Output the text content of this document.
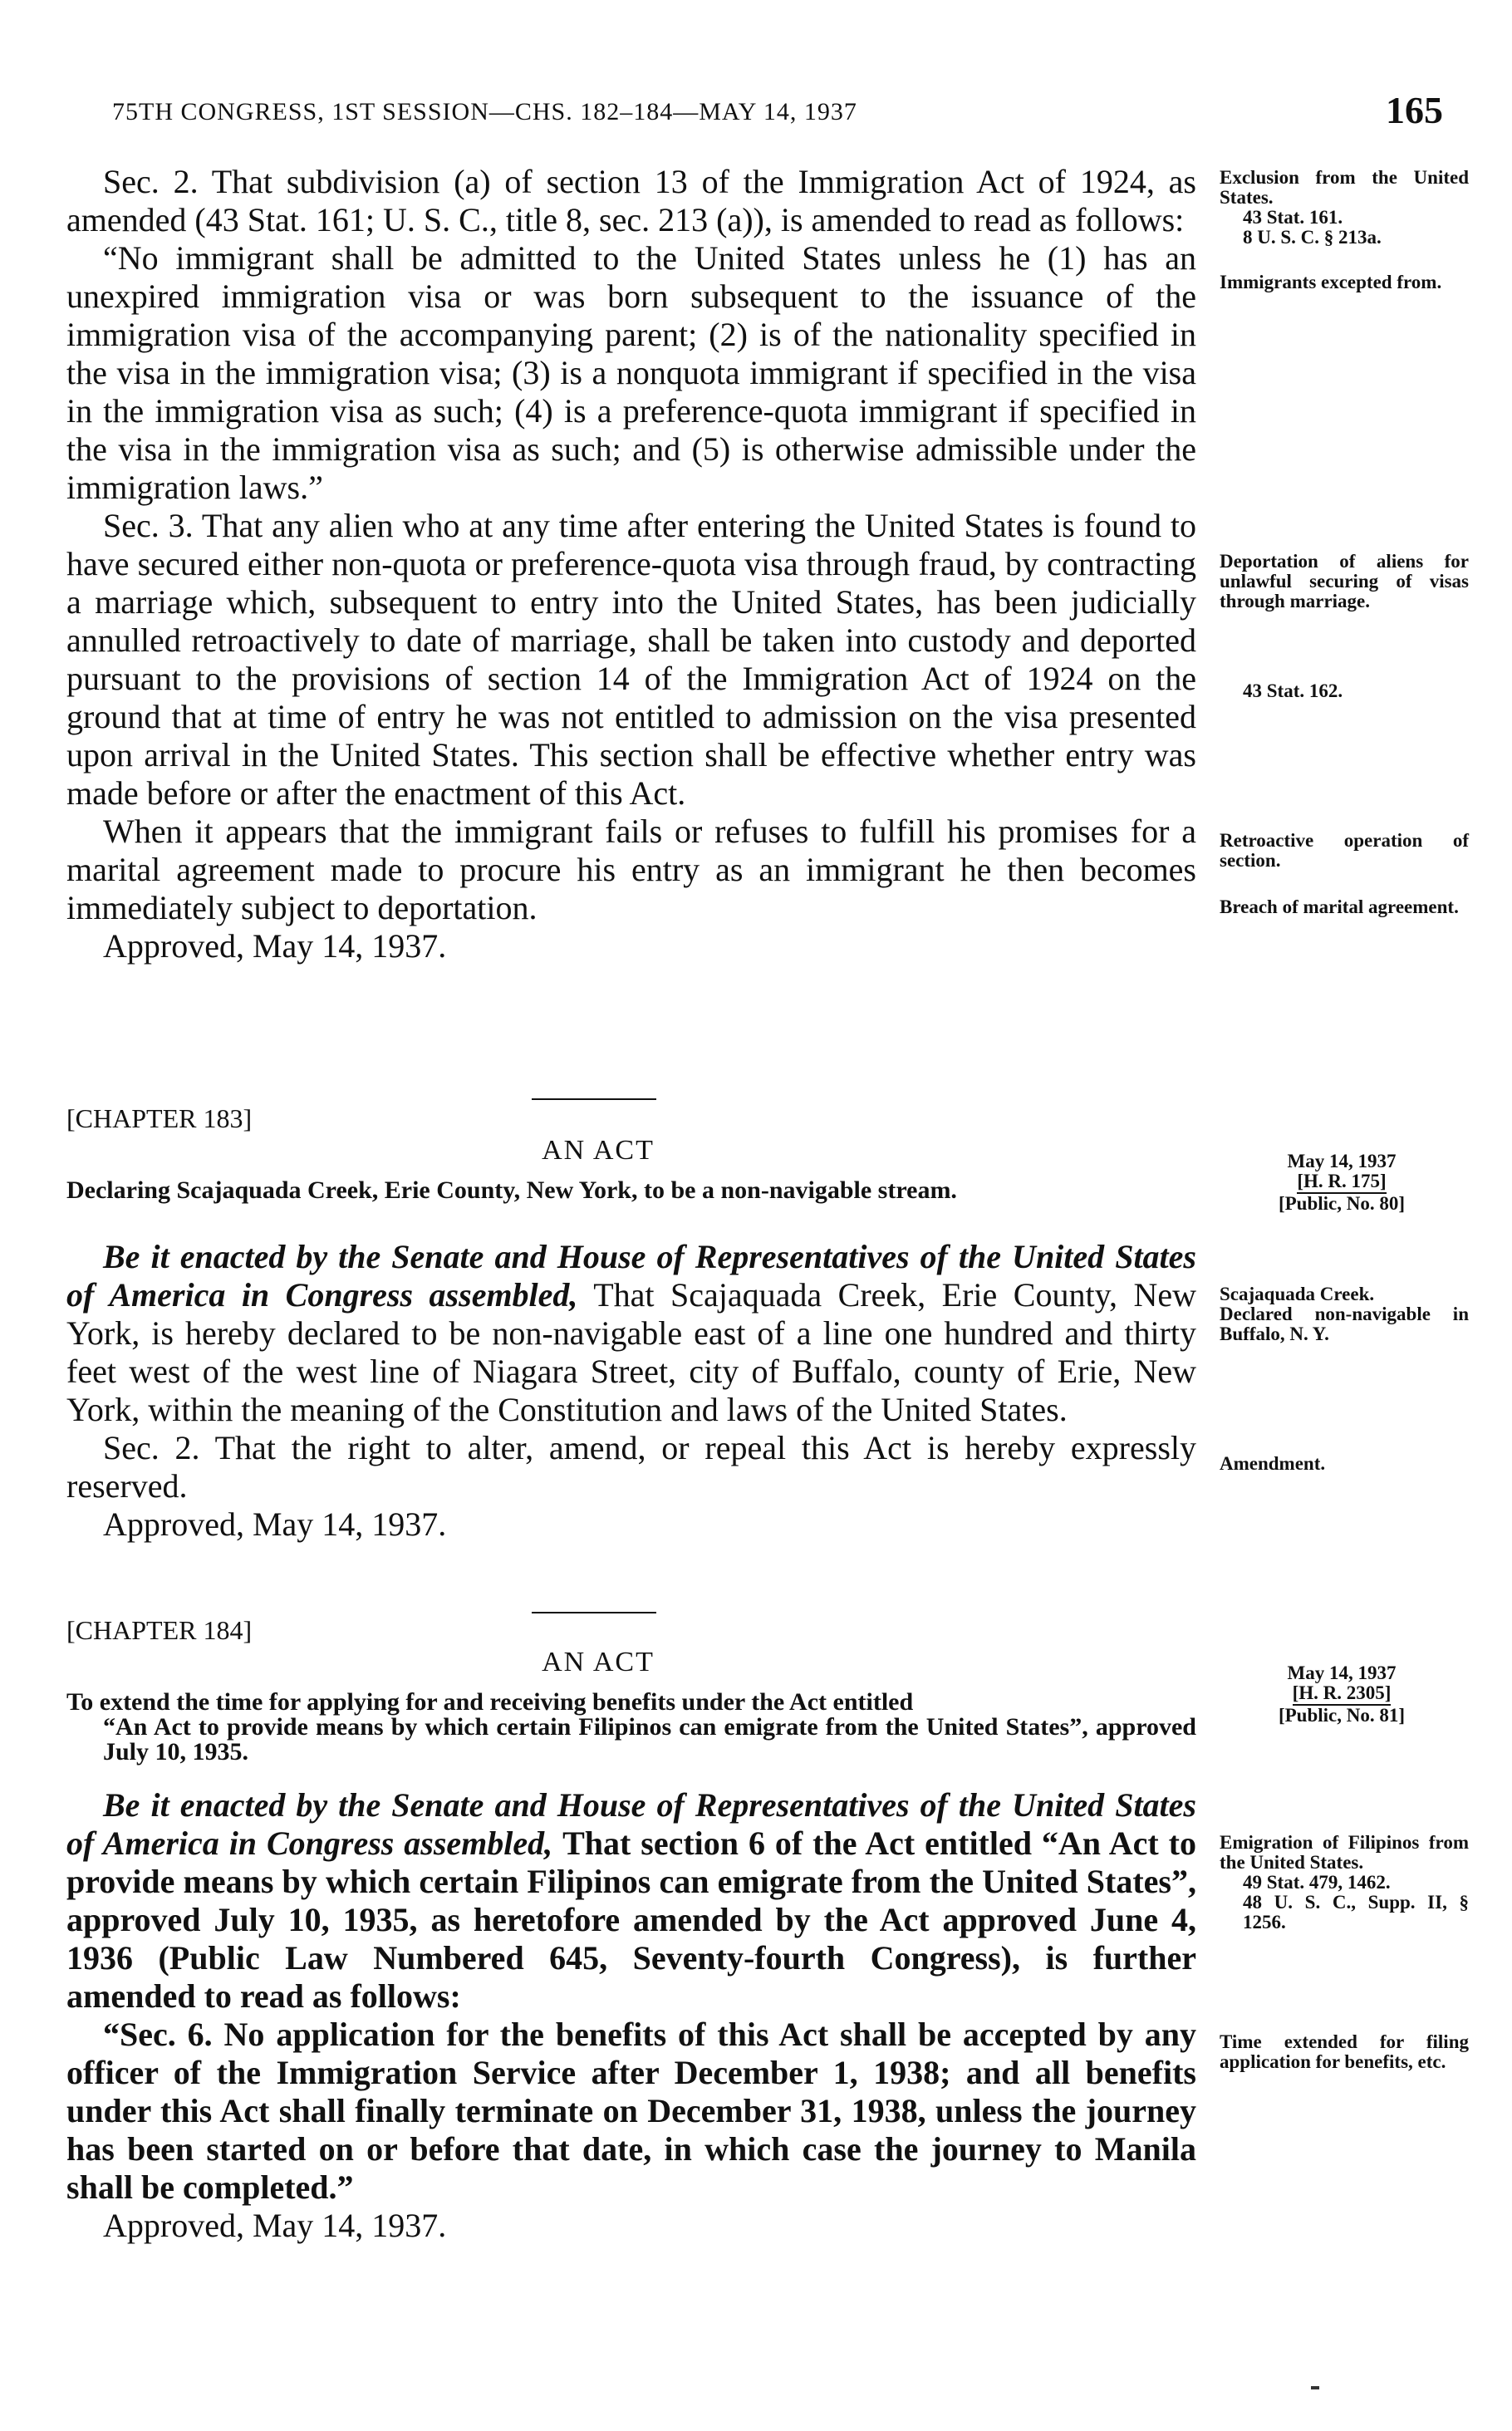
75TH CONGRESS, 1ST SESSION—CHS. 182–184—MAY 14, 1937	165

Sec. 2. That subdivision (a) of section 13 of the Immigration Act of 1924, as amended (43 Stat. 161; U. S. C., title 8, sec. 213 (a)), is amended to read as follows:

“No immigrant shall be admitted to the United States unless he (1) has an unexpired immigration visa or was born subsequent to the issuance of the immigration visa of the accompanying parent; (2) is of the nationality specified in the visa in the immigration visa; (3) is a nonquota immigrant if specified in the visa in the immigration visa as such; (4) is a preference-quota immigrant if specified in the visa in the immigration visa as such; and (5) is otherwise admissible under the immigration laws.”

Sec. 3. That any alien who at any time after entering the United States is found to have secured either non-quota or preference-quota visa through fraud, by contracting a marriage which, subsequent to entry into the United States, has been judicially annulled retroactively to date of marriage, shall be taken into custody and deported pursuant to the provisions of section 14 of the Immigration Act of 1924 on the ground that at time of entry he was not entitled to admission on the visa presented upon arrival in the United States. This section shall be effective whether entry was made before or after the enactment of this Act.

When it appears that the immigrant fails or refuses to fulfill his promises for a marital agreement made to procure his entry as an immigrant he then becomes immediately subject to deportation.

Approved, May 14, 1937.

Exclusion from the United States.
43 Stat. 161.
8 U. S. C. § 213a.
Immigrants excepted from.
Deportation of aliens for unlawful securing of visas through marriage.
43 Stat. 162.
Retroactive operation of section.
Breach of marital agreement.
[CHAPTER 183]
AN ACT
Declaring Scajaquada Creek, Erie County, New York, to be a non-navigable stream.
May 14, 1937
[H. R. 175]
[Public, No. 80]

Be it enacted by the Senate and House of Representatives of the United States of America in Congress assembled, That Scajaquada Creek, Erie County, New York, is hereby declared to be non-navigable east of a line one hundred and thirty feet west of the west line of Niagara Street, city of Buffalo, county of Erie, New York, within the meaning of the Constitution and laws of the United States.

Sec. 2. That the right to alter, amend, or repeal this Act is hereby expressly reserved.

Approved, May 14, 1937.

Scajaquada Creek.
Declared non-navigable in Buffalo, N. Y.
Amendment.
[CHAPTER 184]
AN ACT
To extend the time for applying for and receiving benefits under the Act entitled
“An Act to provide means by which certain Filipinos can emigrate from the United States”, approved July 10, 1935.
May 14, 1937
[H. R. 2305]
[Public, No. 81]

Be it enacted by the Senate and House of Representatives of the United States of America in Congress assembled, That section 6 of the Act entitled “An Act to provide means by which certain Filipinos can emigrate from the United States”, approved July 10, 1935, as heretofore amended by the Act approved June 4, 1936 (Public Law Numbered 645, Seventy-fourth Congress), is further amended to read as follows:

“Sec. 6. No application for the benefits of this Act shall be accepted by any officer of the Immigration Service after December 1, 1938; and all benefits under this Act shall finally terminate on December 31, 1938, unless the journey has been started on or before that date, in which case the journey to Manila shall be completed.”

Approved, May 14, 1937.

Emigration of Filipinos from the United States.
49 Stat. 479, 1462.
48 U. S. C., Supp. II, § 1256.
Time extended for filing application for benefits, etc.
